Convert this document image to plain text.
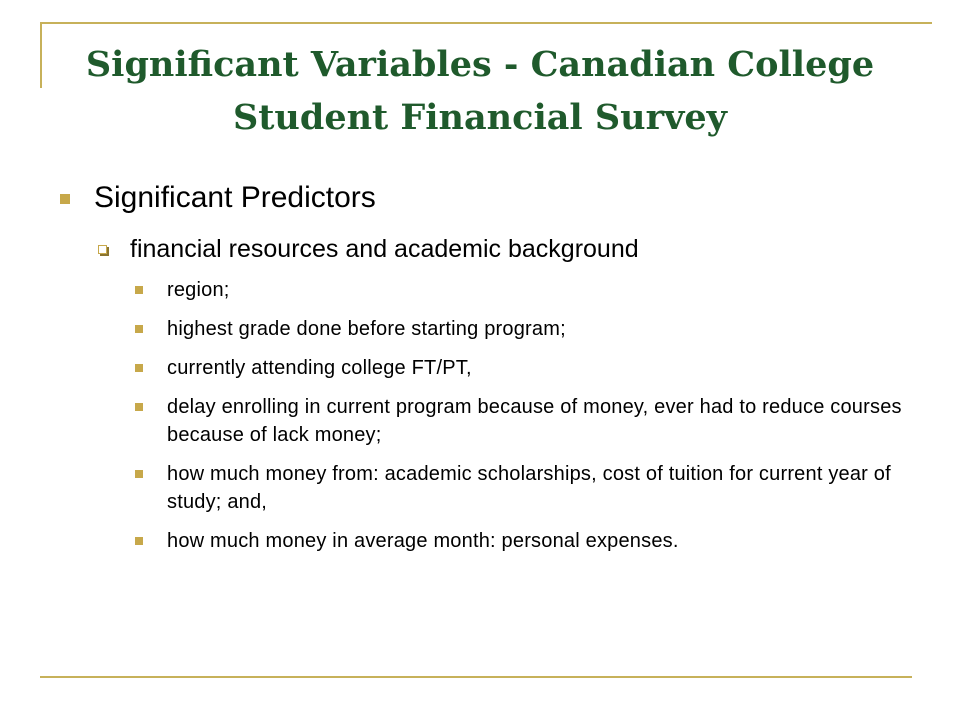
Significant Variables - Canadian College
Student Financial Survey
Significant Predictors
financial resources and academic background
region;
highest grade done before starting program;
currently attending college FT/PT,
delay enrolling in current program because of money, ever had to reduce courses because of lack money;
how much money from: academic scholarships, cost of tuition for current year of study; and,
how much money in average month: personal expenses.
